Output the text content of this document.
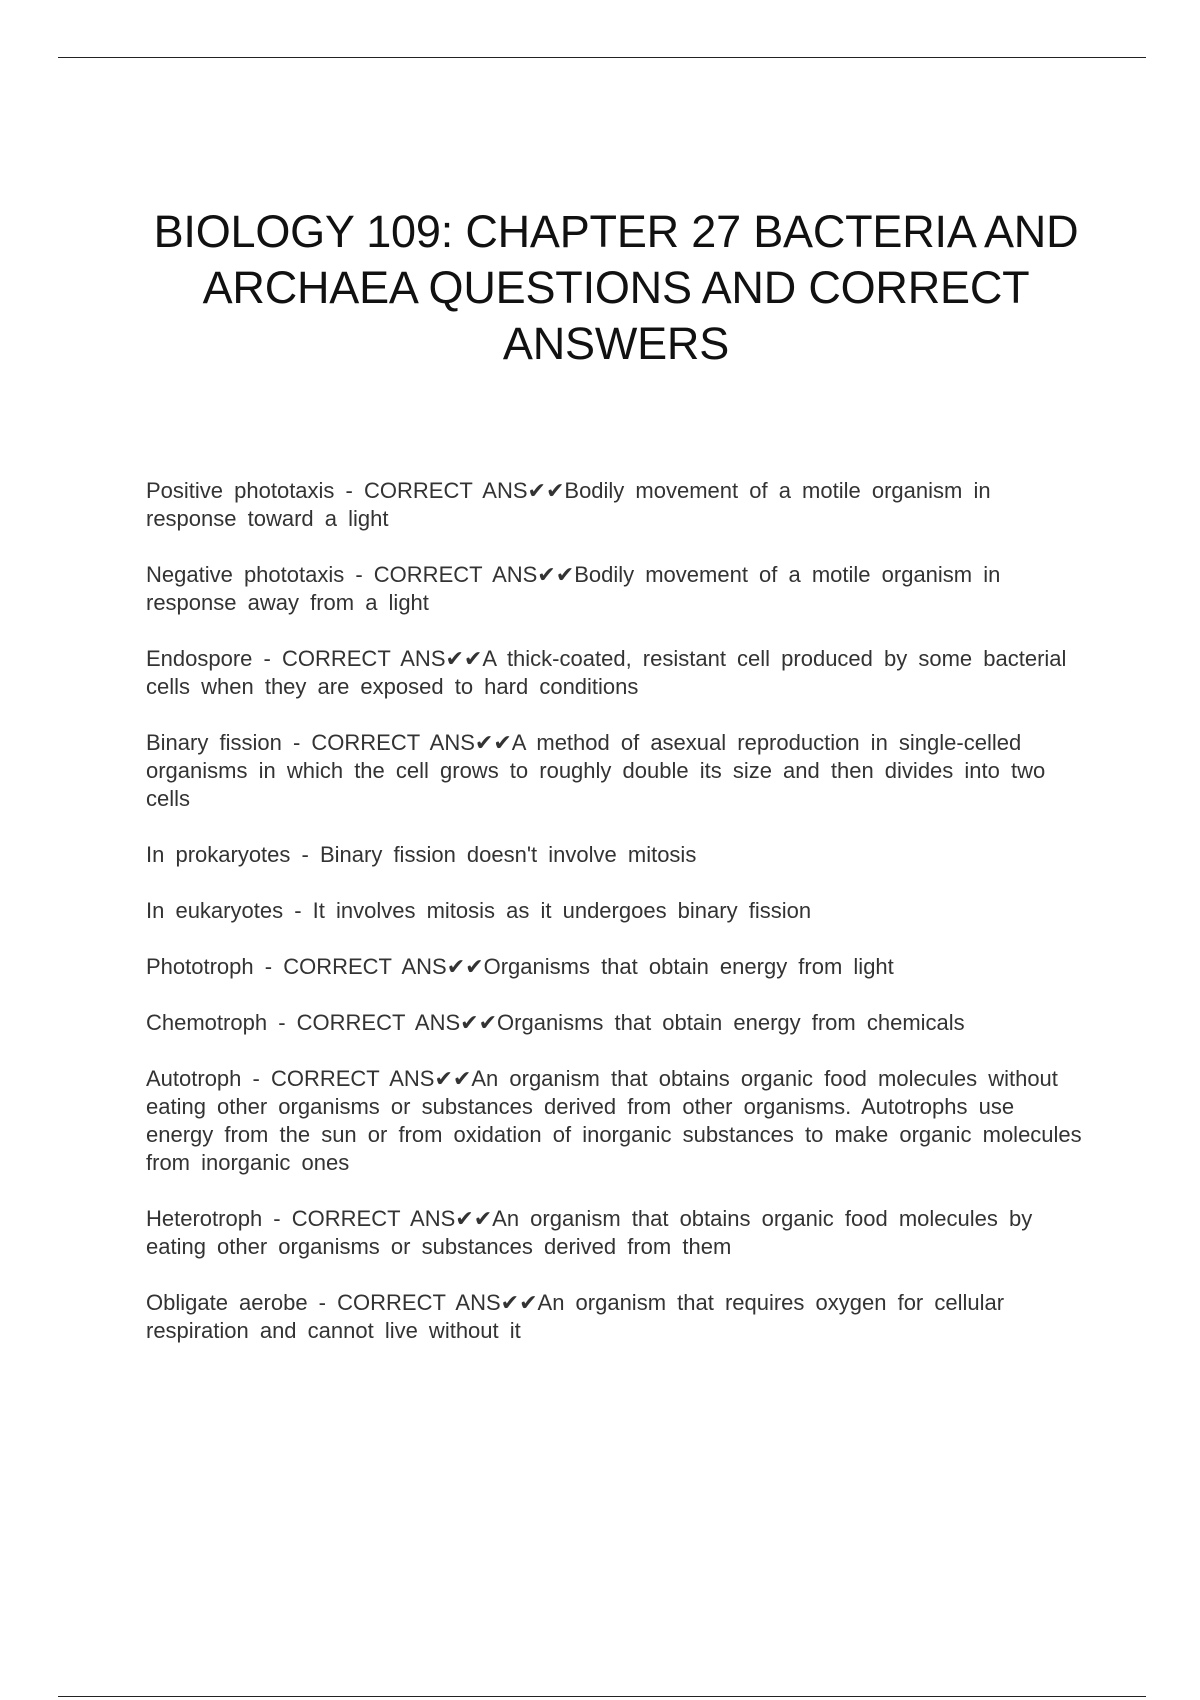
BIOLOGY 109: CHAPTER 27 BACTERIA AND ARCHAEA QUESTIONS AND CORRECT ANSWERS
Positive phototaxis - CORRECT ANS✔✔Bodily movement of a motile organism in response toward a light
Negative phototaxis - CORRECT ANS✔✔Bodily movement of a motile organism in response away from a light
Endospore - CORRECT ANS✔✔A thick-coated, resistant cell produced by some bacterial cells when they are exposed to hard conditions
Binary fission - CORRECT ANS✔✔A method of asexual reproduction in single-celled organisms in which the cell grows to roughly double its size and then divides into two cells
In prokaryotes - Binary fission doesn't involve mitosis
In eukaryotes - It involves mitosis as it undergoes binary fission
Phototroph - CORRECT ANS✔✔Organisms that obtain energy from light
Chemotroph - CORRECT ANS✔✔Organisms that obtain energy from chemicals
Autotroph - CORRECT ANS✔✔An organism that obtains organic food molecules without eating other organisms or substances derived from other organisms. Autotrophs use energy from the sun or from oxidation of inorganic substances to make organic molecules from inorganic ones
Heterotroph - CORRECT ANS✔✔An organism that obtains organic food molecules by eating other organisms or substances derived from them
Obligate aerobe - CORRECT ANS✔✔An organism that requires oxygen for cellular respiration and cannot live without it
